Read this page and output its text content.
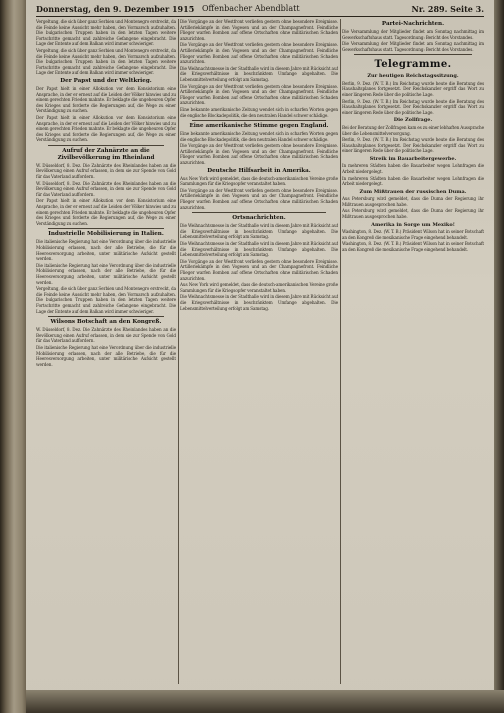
Donnerstag, den 9. Dezember 1915 Offenbacher Abendblatt	Nr. 289. Seite 3.

Vergeltung, die sich über ganz Serbien und Montenegro erstreckt, da die Feinde keine Aussicht mehr haben, den Vormarsch aufzuhalten. Die bulgarischen Truppen haben in den letzten Tagen weitere Fortschritte gemacht und zahlreiche Gefangene eingebracht. Die Lage der Entente auf dem Balkan wird immer schwieriger.

Vergeltung, die sich über ganz Serbien und Montenegro erstreckt, da die Feinde keine Aussicht mehr haben, den Vormarsch aufzuhalten. Die bulgarischen Truppen haben in den letzten Tagen weitere Fortschritte gemacht und zahlreiche Gefangene eingebracht. Die Lage der Entente auf dem Balkan wird immer schwieriger.

Der Papst und der Weltkrieg.

Der Papst hielt in einer Allokution vor dem Konsistorium eine Ansprache, in der er erneut auf die Leiden der Völker hinwies und zu einem gerechten Frieden mahnte. Er beklagte die ungeheuren Opfer des Krieges und forderte die Regierungen auf, die Wege zu einer Verständigung zu suchen.

Der Papst hielt in einer Allokution vor dem Konsistorium eine Ansprache, in der er erneut auf die Leiden der Völker hinwies und zu einem gerechten Frieden mahnte. Er beklagte die ungeheuren Opfer des Krieges und forderte die Regierungen auf, die Wege zu einer Verständigung zu suchen.

Aufruf der Zahnärzte an die Zivilbevölkerung im Rheinland

W. Düsseldorf, 8. Dez. Die Zahnärzte des Rheinlandes haben an die Bevölkerung einen Aufruf erlassen, in dem sie zur Spende von Gold für das Vaterland auffordern.

W. Düsseldorf, 8. Dez. Die Zahnärzte des Rheinlandes haben an die Bevölkerung einen Aufruf erlassen, in dem sie zur Spende von Gold für das Vaterland auffordern.

Der Papst hielt in einer Allokution vor dem Konsistorium eine Ansprache, in der er erneut auf die Leiden der Völker hinwies und zu einem gerechten Frieden mahnte. Er beklagte die ungeheuren Opfer des Krieges und forderte die Regierungen auf, die Wege zu einer Verständigung zu suchen.

Industrielle Mobilisierung in Italien.

Die italienische Regierung hat eine Verordnung über die industrielle Mobilisierung erlassen, nach der alle Betriebe, die für die Heeresversorgung arbeiten, unter militärische Aufsicht gestellt werden.

Die italienische Regierung hat eine Verordnung über die industrielle Mobilisierung erlassen, nach der alle Betriebe, die für die Heeresversorgung arbeiten, unter militärische Aufsicht gestellt werden.

Vergeltung, die sich über ganz Serbien und Montenegro erstreckt, da die Feinde keine Aussicht mehr haben, den Vormarsch aufzuhalten. Die bulgarischen Truppen haben in den letzten Tagen weitere Fortschritte gemacht und zahlreiche Gefangene eingebracht. Die Lage der Entente auf dem Balkan wird immer schwieriger.

Wilsons Botschaft an den Kongreß.

W. Düsseldorf, 8. Dez. Die Zahnärzte des Rheinlandes haben an die Bevölkerung einen Aufruf erlassen, in dem sie zur Spende von Gold für das Vaterland auffordern.

Die italienische Regierung hat eine Verordnung über die industrielle Mobilisierung erlassen, nach der alle Betriebe, die für die Heeresversorgung arbeiten, unter militärische Aufsicht gestellt werden.

Die Vorgänge an der Westfront verliefen gestern ohne besondere Ereignisse. Artilleriekämpfe in den Vogesen und an der Champagnefront. Feindliche Flieger warfen Bomben auf offene Ortschaften ohne militärischen Schaden anzurichten.

Die Vorgänge an der Westfront verliefen gestern ohne besondere Ereignisse. Artilleriekämpfe in den Vogesen und an der Champagnefront. Feindliche Flieger warfen Bomben auf offene Ortschaften ohne militärischen Schaden anzurichten.

Die Weihnachtsmesse in der Stadthalle wird in diesem Jahre mit Rücksicht auf die Kriegsverhältnisse in beschränktem Umfange abgehalten. Die Lebensmittelverteilung erfolgt am Samstag.

Die Vorgänge an der Westfront verliefen gestern ohne besondere Ereignisse. Artilleriekämpfe in den Vogesen und an der Champagnefront. Feindliche Flieger warfen Bomben auf offene Ortschaften ohne militärischen Schaden anzurichten.

Eine bekannte amerikanische Zeitung wendet sich in scharfen Worten gegen die englische Blockadepolitik, die den neutralen Handel schwer schädige.

Eine amerikanische Stimme gegen England.

Eine bekannte amerikanische Zeitung wendet sich in scharfen Worten gegen die englische Blockadepolitik, die den neutralen Handel schwer schädige.

Die Vorgänge an der Westfront verliefen gestern ohne besondere Ereignisse. Artilleriekämpfe in den Vogesen und an der Champagnefront. Feindliche Flieger warfen Bomben auf offene Ortschaften ohne militärischen Schaden anzurichten.

Deutsche Hilfsarbeit in Amerika.

Aus New York wird gemeldet, dass die deutsch-amerikanischen Vereine große Sammlungen für die Kriegsopfer veranstaltet haben.

Die Vorgänge an der Westfront verliefen gestern ohne besondere Ereignisse. Artilleriekämpfe in den Vogesen und an der Champagnefront. Feindliche Flieger warfen Bomben auf offene Ortschaften ohne militärischen Schaden anzurichten.

Ortsnachrichten.

Die Weihnachtsmesse in der Stadthalle wird in diesem Jahre mit Rücksicht auf die Kriegsverhältnisse in beschränktem Umfange abgehalten. Die Lebensmittelverteilung erfolgt am Samstag.

Die Weihnachtsmesse in der Stadthalle wird in diesem Jahre mit Rücksicht auf die Kriegsverhältnisse in beschränktem Umfange abgehalten. Die Lebensmittelverteilung erfolgt am Samstag.

Die Vorgänge an der Westfront verliefen gestern ohne besondere Ereignisse. Artilleriekämpfe in den Vogesen und an der Champagnefront. Feindliche Flieger warfen Bomben auf offene Ortschaften ohne militärischen Schaden anzurichten.

Aus New York wird gemeldet, dass die deutsch-amerikanischen Vereine große Sammlungen für die Kriegsopfer veranstaltet haben.

Die Weihnachtsmesse in der Stadthalle wird in diesem Jahre mit Rücksicht auf die Kriegsverhältnisse in beschränktem Umfange abgehalten. Die Lebensmittelverteilung erfolgt am Samstag.

Partei-Nachrichten.

Die Versammlung der Mitglieder findet am Sonntag nachmittag im Gewerkschaftshaus statt. Tagesordnung: Bericht des Vorstandes.

Die Versammlung der Mitglieder findet am Sonntag nachmittag im Gewerkschaftshaus statt. Tagesordnung: Bericht des Vorstandes.

Telegramme.
Zur heutigen Reichstagssitzung.

Berlin, 9. Dez. (W. T. B.) Im Reichstag wurde heute die Beratung des Haushaltsplanes fortgesetzt. Der Reichskanzler ergriff das Wort zu einer längeren Rede über die politische Lage.

Berlin, 9. Dez. (W. T. B.) Im Reichstag wurde heute die Beratung des Haushaltsplanes fortgesetzt. Der Reichskanzler ergriff das Wort zu einer längeren Rede über die politische Lage.

Die Zollfrage.

Bei der Beratung der Zollfragen kam es zu einer lebhaften Aussprache über die Lebensmittelversorgung.

Berlin, 9. Dez. (W. T. B.) Im Reichstag wurde heute die Beratung des Haushaltsplanes fortgesetzt. Der Reichskanzler ergriff das Wort zu einer längeren Rede über die politische Lage.

Streik im Bauarbeitergewerbe.

In mehreren Städten haben die Bauarbeiter wegen Lohnfragen die Arbeit niedergelegt.

In mehreren Städten haben die Bauarbeiter wegen Lohnfragen die Arbeit niedergelegt.

Zum Mißtrauen der russischen Duma.

Aus Petersburg wird gemeldet, dass die Duma der Regierung ihr Mißtrauen ausgesprochen habe.

Aus Petersburg wird gemeldet, dass die Duma der Regierung ihr Mißtrauen ausgesprochen habe.

Amerika in Sorge um Mexiko!

Washington, 8. Dez. (W. T. B.) Präsident Wilson hat in seiner Botschaft an den Kongreß die mexikanische Frage eingehend behandelt.

Washington, 8. Dez. (W. T. B.) Präsident Wilson hat in seiner Botschaft an den Kongreß die mexikanische Frage eingehend behandelt.
